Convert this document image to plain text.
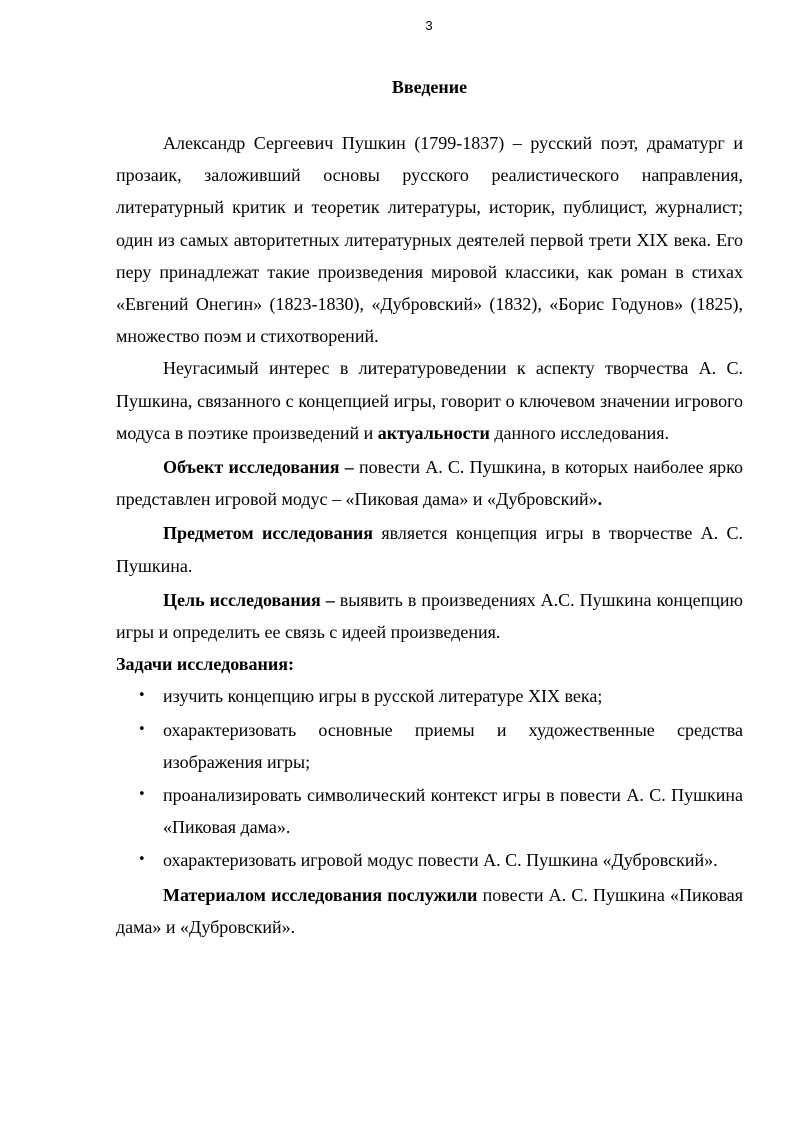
3
Введение

Александр Сергеевич Пушкин (1799-1837) – русский поэт, драматург и прозаик, заложивший основы русского реалистического направления, литературный критик и теоретик литературы, историк, публицист, журналист; один из самых авторитетных литературных деятелей первой трети XIX века. Его перу принадлежат такие произведения мировой классики, как роман в стихах «Евгений Онегин» (1823-1830), «Дубровский» (1832), «Борис Годунов» (1825), множество поэм и стихотворений.

Неугасимый интерес в литературоведении к аспекту творчества А. С. Пушкина, связанного с концепцией игры, говорит о ключевом значении игрового модуса в поэтике произведений и актуальности данного исследования.

Объект исследования – повести А. С. Пушкина, в которых наиболее ярко представлен игровой модус – «Пиковая дама» и «Дубровский».

Предметом исследования является концепция игры в творчестве А. С. Пушкина.

Цель исследования – выявить в произведениях А.С. Пушкина концепцию игры и определить ее связь с идеей произведения.

Задачи исследования:

• изучить концепцию игры в русской литературе XIX века;
• охарактеризовать основные приемы и художественные средства изображения игры;
• проанализировать символический контекст игры в повести А. С. Пушкина «Пиковая дама».
• охарактеризовать игровой модус повести А. С. Пушкина «Дубровский».

Материалом исследования послужили повести А. С. Пушкина «Пиковая дама» и «Дубровский».
